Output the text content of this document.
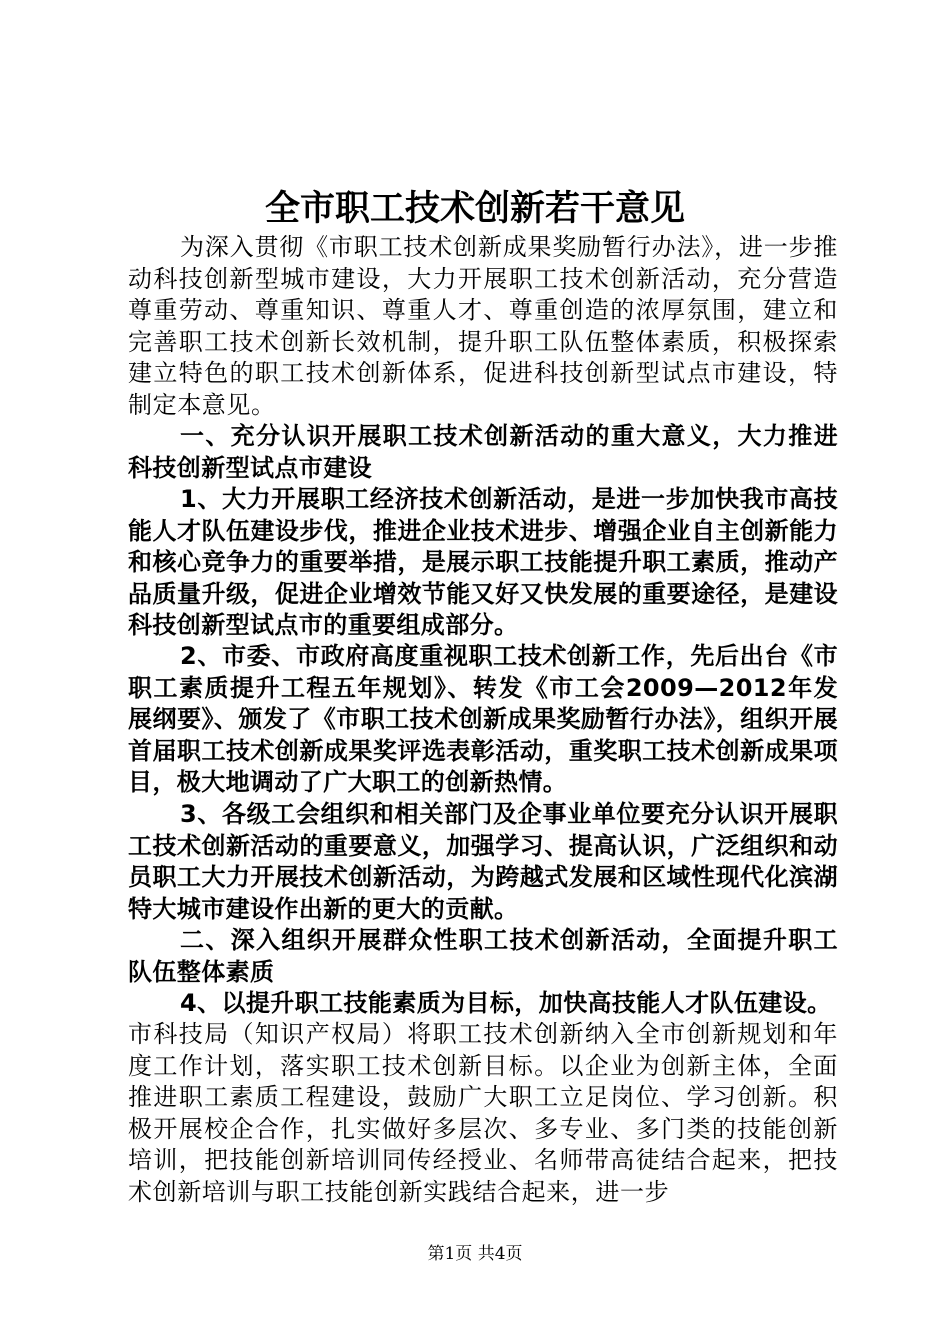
全市职工技术创新若干意见

为深入贯彻《市职工技术创新成果奖励暂行办法》，进一步推动科技创新型城市建设，大力开展职工技术创新活动，充分营造尊重劳动、尊重知识、尊重人才、尊重创造的浓厚氛围，建立和完善职工技术创新长效机制，提升职工队伍整体素质，积极探索建立特色的职工技术创新体系，促进科技创新型试点市建设，特制定本意见。

一、充分认识开展职工技术创新活动的重大意义，大力推进科技创新型试点市建设

1、大力开展职工经济技术创新活动，是进一步加快我市高技能人才队伍建设步伐，推进企业技术进步、增强企业自主创新能力和核心竞争力的重要举措，是展示职工技能提升职工素质，推动产品质量升级，促进企业增效节能又好又快发展的重要途径，是建设科技创新型试点市的重要组成部分。

2、市委、市政府高度重视职工技术创新工作，先后出台《市职工素质提升工程五年规划》、转发《市工会2009—2012年发展纲要》、颁发了《市职工技术创新成果奖励暂行办法》，组织开展首届职工技术创新成果奖评选表彰活动，重奖职工技术创新成果项目，极大地调动了广大职工的创新热情。

3、各级工会组织和相关部门及企事业单位要充分认识开展职工技术创新活动的重要意义，加强学习、提高认识，广泛组织和动员职工大力开展技术创新活动，为跨越式发展和区域性现代化滨湖特大城市建设作出新的更大的贡献。

二、深入组织开展群众性职工技术创新活动，全面提升职工队伍整体素质

4、以提升职工技能素质为目标，加快高技能人才队伍建设。

市科技局（知识产权局）将职工技术创新纳入全市创新规划和年度工作计划，落实职工技术创新目标。以企业为创新主体，全面推进职工素质工程建设，鼓励广大职工立足岗位、学习创新。积极开展校企合作，扎实做好多层次、多专业、多门类的技能创新培训，把技能创新培训同传经授业、名师带高徒结合起来，把技术创新培训与职工技能创新实践结合起来，进一步

第1页 共4页
